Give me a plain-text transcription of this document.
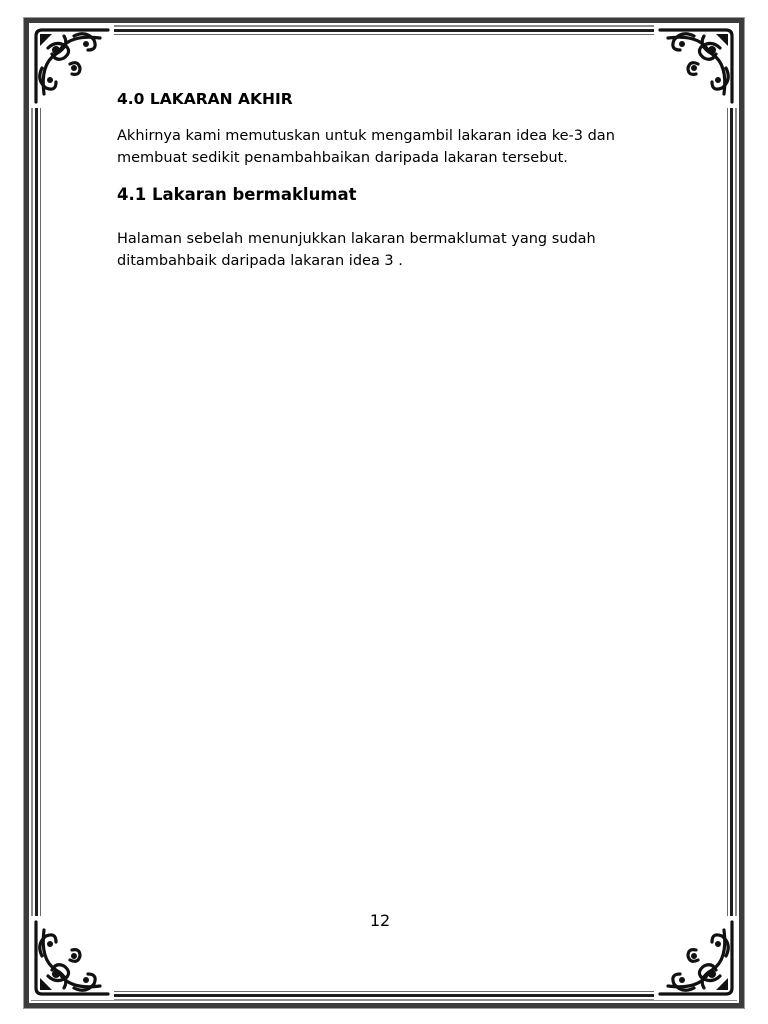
4.0 LAKARAN AKHIR

Akhirnya kami memutuskan untuk mengambil lakaran idea ke-3 dan membuat sedikit penambahbaikan daripada lakaran tersebut.

4.1 Lakaran bermaklumat

Halaman sebelah menunjukkan lakaran bermaklumat yang sudah ditambahbaik daripada lakaran idea 3 .

12
